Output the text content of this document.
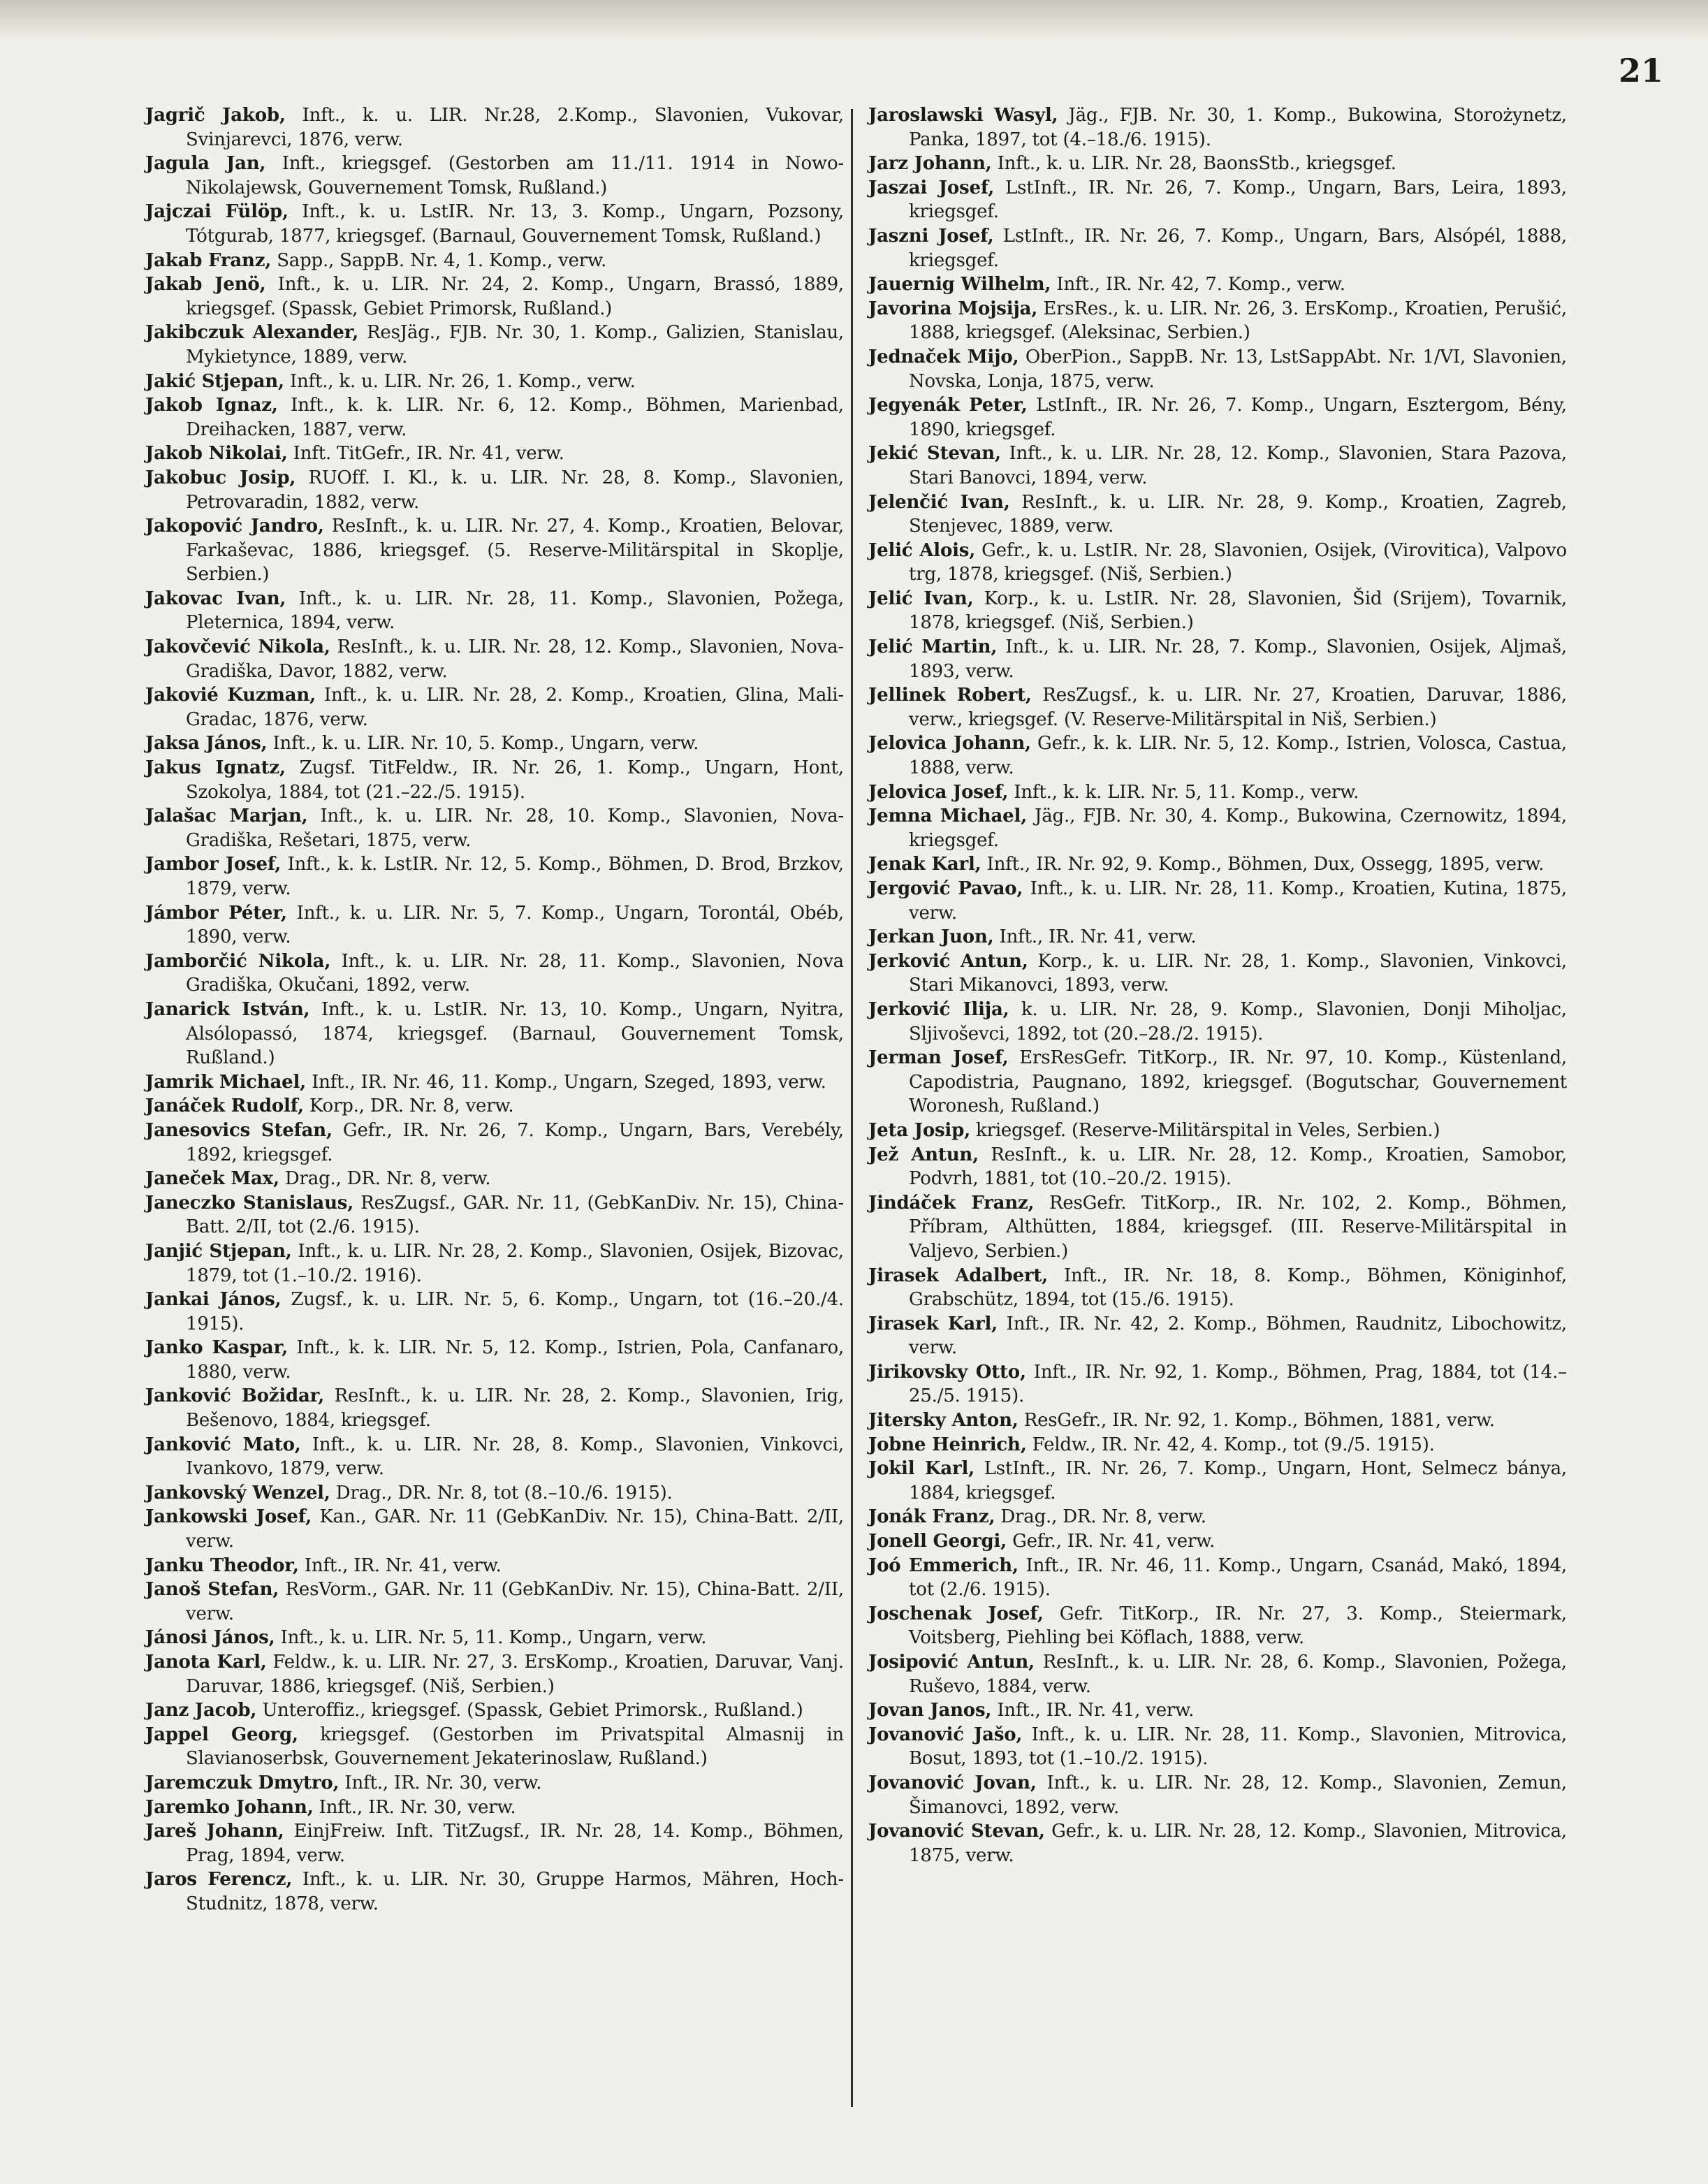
21

Jagrič Jakob, Inft., k. u. LIR. Nr.28, 2.Komp., Slavonien, Vukovar, Svinjarevci, 1876, verw.

Jagula Jan, Inft., kriegsgef. (Gestorben am 11./11. 1914 in Nowo-Nikolajewsk, Gouvernement Tomsk, Rußland.)

Jajczai Fülöp, Inft., k. u. LstIR. Nr. 13, 3. Komp., Ungarn, Pozsony, Tótgurab, 1877, kriegsgef. (Barnaul, Gouvernement Tomsk, Rußland.)

Jakab Franz, Sapp., SappB. Nr. 4, 1. Komp., verw.

Jakab Jenö, Inft., k. u. LIR. Nr. 24, 2. Komp., Ungarn, Brassó, 1889, kriegsgef. (Spassk, Gebiet Primorsk, Rußland.)

Jakibczuk Alexander, ResJäg., FJB. Nr. 30, 1. Komp., Galizien, Stanislau, Mykietynce, 1889, verw.

Jakić Stjepan, Inft., k. u. LIR. Nr. 26, 1. Komp., verw.

Jakob Ignaz, Inft., k. k. LIR. Nr. 6, 12. Komp., Böhmen, Marienbad, Dreihacken, 1887, verw.

Jakob Nikolai, Inft. TitGefr., IR. Nr. 41, verw.

Jakobuc Josip, RUOff. I. Kl., k. u. LIR. Nr. 28, 8. Komp., Slavonien, Petrovaradin, 1882, verw.

Jakopović Jandro, ResInft., k. u. LIR. Nr. 27, 4. Komp., Kroatien, Belovar, Farkaševac, 1886, kriegsgef. (5. Reserve-Militärspital in Skoplje, Serbien.)

Jakovac Ivan, Inft., k. u. LIR. Nr. 28, 11. Komp., Slavonien, Požega, Pleternica, 1894, verw.

Jakovčević Nikola, ResInft., k. u. LIR. Nr. 28, 12. Komp., Slavonien, Nova-Gradiška, Davor, 1882, verw.

Jakovié Kuzman, Inft., k. u. LIR. Nr. 28, 2. Komp., Kroatien, Glina, Mali-Gradac, 1876, verw.

Jaksa János, Inft., k. u. LIR. Nr. 10, 5. Komp., Ungarn, verw.

Jakus Ignatz, Zugsf. TitFeldw., IR. Nr. 26, 1. Komp., Ungarn, Hont, Szokolya, 1884, tot (21.–22./5. 1915).

Jalašac Marjan, Inft., k. u. LIR. Nr. 28, 10. Komp., Slavonien, Nova-Gradiška, Rešetari, 1875, verw.

Jambor Josef, Inft., k. k. LstIR. Nr. 12, 5. Komp., Böhmen, D. Brod, Brzkov, 1879, verw.

Jámbor Péter, Inft., k. u. LIR. Nr. 5, 7. Komp., Ungarn, Torontál, Obéb, 1890, verw.

Jamborčić Nikola, Inft., k. u. LIR. Nr. 28, 11. Komp., Slavonien, Nova Gradiška, Okučani, 1892, verw.

Janarick István, Inft., k. u. LstIR. Nr. 13, 10. Komp., Ungarn, Nyitra, Alsólopassó, 1874, kriegsgef. (Barnaul, Gouvernement Tomsk, Rußland.)

Jamrik Michael, Inft., IR. Nr. 46, 11. Komp., Ungarn, Szeged, 1893, verw.

Janáček Rudolf, Korp., DR. Nr. 8, verw.

Janesovics Stefan, Gefr., IR. Nr. 26, 7. Komp., Ungarn, Bars, Verebély, 1892, kriegsgef.

Janeček Max, Drag., DR. Nr. 8, verw.

Janeczko Stanislaus, ResZugsf., GAR. Nr. 11, (GebKanDiv. Nr. 15), China-Batt. 2/II, tot (2./6. 1915).

Janjić Stjepan, Inft., k. u. LIR. Nr. 28, 2. Komp., Slavonien, Osijek, Bizovac, 1879, tot (1.–10./2. 1916).

Jankai János, Zugsf., k. u. LIR. Nr. 5, 6. Komp., Ungarn, tot (16.–20./4. 1915).

Janko Kaspar, Inft., k. k. LIR. Nr. 5, 12. Komp., Istrien, Pola, Canfanaro, 1880, verw.

Janković Božidar, ResInft., k. u. LIR. Nr. 28, 2. Komp., Slavonien, Irig, Bešenovo, 1884, kriegsgef.

Janković Mato, Inft., k. u. LIR. Nr. 28, 8. Komp., Slavonien, Vinkovci, Ivankovo, 1879, verw.

Jankovský Wenzel, Drag., DR. Nr. 8, tot (8.–10./6. 1915).

Jankowski Josef, Kan., GAR. Nr. 11 (GebKanDiv. Nr. 15), China-Batt. 2/II, verw.

Janku Theodor, Inft., IR. Nr. 41, verw.

Janoš Stefan, ResVorm., GAR. Nr. 11 (GebKanDiv. Nr. 15), China-Batt. 2/II, verw.

Jánosi János, Inft., k. u. LIR. Nr. 5, 11. Komp., Ungarn, verw.

Janota Karl, Feldw., k. u. LIR. Nr. 27, 3. ErsKomp., Kroatien, Daruvar, Vanj. Daruvar, 1886, kriegsgef. (Niš, Serbien.)

Janz Jacob, Unteroffiz., kriegsgef. (Spassk, Gebiet Primorsk., Rußland.)

Jappel Georg, kriegsgef. (Gestorben im Privatspital Almasnij in Slavianoserbsk, Gouvernement Jekaterinoslaw, Rußland.)

Jaremczuk Dmytro, Inft., IR. Nr. 30, verw.

Jaremko Johann, Inft., IR. Nr. 30, verw.

Jareš Johann, EinjFreiw. Inft. TitZugsf., IR. Nr. 28, 14. Komp., Böhmen, Prag, 1894, verw.

Jaros Ferencz, Inft., k. u. LIR. Nr. 30, Gruppe Harmos, Mähren, Hoch-Studnitz, 1878, verw.

Jaroslawski Wasyl, Jäg., FJB. Nr. 30, 1. Komp., Bukowina, Storożynetz, Panka, 1897, tot (4.–18./6. 1915).

Jarz Johann, Inft., k. u. LIR. Nr. 28, BaonsStb., kriegsgef.

Jaszai Josef, LstInft., IR. Nr. 26, 7. Komp., Ungarn, Bars, Leira, 1893, kriegsgef.

Jaszni Josef, LstInft., IR. Nr. 26, 7. Komp., Ungarn, Bars, Alsópél, 1888, kriegsgef.

Jauernig Wilhelm, Inft., IR. Nr. 42, 7. Komp., verw.

Javorina Mojsija, ErsRes., k. u. LIR. Nr. 26, 3. ErsKomp., Kroatien, Perušić, 1888, kriegsgef. (Aleksinac, Serbien.)

Jednaček Mijo, OberPion., SappB. Nr. 13, LstSappAbt. Nr. 1/VI, Slavonien, Novska, Lonja, 1875, verw.

Jegyenák Peter, LstInft., IR. Nr. 26, 7. Komp., Ungarn, Esztergom, Bény, 1890, kriegsgef.

Jekić Stevan, Inft., k. u. LIR. Nr. 28, 12. Komp., Slavonien, Stara Pazova, Stari Banovci, 1894, verw.

Jelenčić Ivan, ResInft., k. u. LIR. Nr. 28, 9. Komp., Kroatien, Zagreb, Stenjevec, 1889, verw.

Jelić Alois, Gefr., k. u. LstIR. Nr. 28, Slavonien, Osijek, (Virovitica), Valpovo trg, 1878, kriegsgef. (Niš, Serbien.)

Jelić Ivan, Korp., k. u. LstIR. Nr. 28, Slavonien, Šid (Srijem), Tovarnik, 1878, kriegsgef. (Niš, Serbien.)

Jelić Martin, Inft., k. u. LIR. Nr. 28, 7. Komp., Slavonien, Osijek, Aljmaš, 1893, verw.

Jellinek Robert, ResZugsf., k. u. LIR. Nr. 27, Kroatien, Daruvar, 1886, verw., kriegsgef. (V. Reserve-Militärspital in Niš, Serbien.)

Jelovica Johann, Gefr., k. k. LIR. Nr. 5, 12. Komp., Istrien, Volosca, Castua, 1888, verw.

Jelovica Josef, Inft., k. k. LIR. Nr. 5, 11. Komp., verw.

Jemna Michael, Jäg., FJB. Nr. 30, 4. Komp., Bukowina, Czernowitz, 1894, kriegsgef.

Jenak Karl, Inft., IR. Nr. 92, 9. Komp., Böhmen, Dux, Ossegg, 1895, verw.

Jergović Pavao, Inft., k. u. LIR. Nr. 28, 11. Komp., Kroatien, Kutina, 1875, verw.

Jerkan Juon, Inft., IR. Nr. 41, verw.

Jerković Antun, Korp., k. u. LIR. Nr. 28, 1. Komp., Slavonien, Vinkovci, Stari Mikanovci, 1893, verw.

Jerković Ilija, k. u. LIR. Nr. 28, 9. Komp., Slavonien, Donji Miholjac, Sljivoševci, 1892, tot (20.–28./2. 1915).

Jerman Josef, ErsResGefr. TitKorp., IR. Nr. 97, 10. Komp., Küstenland, Capodistria, Paugnano, 1892, kriegsgef. (Bogutschar, Gouvernement Woronesh, Rußland.)

Jeta Josip, kriegsgef. (Reserve-Militärspital in Veles, Serbien.)

Jež Antun, ResInft., k. u. LIR. Nr. 28, 12. Komp., Kroatien, Samobor, Podvrh, 1881, tot (10.–20./2. 1915).

Jindáček Franz, ResGefr. TitKorp., IR. Nr. 102, 2. Komp., Böhmen, Příbram, Althütten, 1884, kriegsgef. (III. Reserve-Militärspital in Valjevo, Serbien.)

Jirasek Adalbert, Inft., IR. Nr. 18, 8. Komp., Böhmen, Königinhof, Grabschütz, 1894, tot (15./6. 1915).

Jirasek Karl, Inft., IR. Nr. 42, 2. Komp., Böhmen, Raudnitz, Libochowitz, verw.

Jirikovsky Otto, Inft., IR. Nr. 92, 1. Komp., Böhmen, Prag, 1884, tot (14.–25./5. 1915).

Jitersky Anton, ResGefr., IR. Nr. 92, 1. Komp., Böhmen, 1881, verw.

Jobne Heinrich, Feldw., IR. Nr. 42, 4. Komp., tot (9./5. 1915).

Jokil Karl, LstInft., IR. Nr. 26, 7. Komp., Ungarn, Hont, Selmecz bánya, 1884, kriegsgef.

Jonák Franz, Drag., DR. Nr. 8, verw.

Jonell Georgi, Gefr., IR. Nr. 41, verw.

Joó Emmerich, Inft., IR. Nr. 46, 11. Komp., Ungarn, Csanád, Makó, 1894, tot (2./6. 1915).

Joschenak Josef, Gefr. TitKorp., IR. Nr. 27, 3. Komp., Steiermark, Voitsberg, Piehling bei Köflach, 1888, verw.

Josipović Antun, ResInft., k. u. LIR. Nr. 28, 6. Komp., Slavonien, Požega, Ruševo, 1884, verw.

Jovan Janos, Inft., IR. Nr. 41, verw.

Jovanović Jašo, Inft., k. u. LIR. Nr. 28, 11. Komp., Slavonien, Mitrovica, Bosut, 1893, tot (1.–10./2. 1915).

Jovanović Jovan, Inft., k. u. LIR. Nr. 28, 12. Komp., Slavonien, Zemun, Šimanovci, 1892, verw.

Jovanović Stevan, Gefr., k. u. LIR. Nr. 28, 12. Komp., Slavonien, Mitrovica, 1875, verw.
